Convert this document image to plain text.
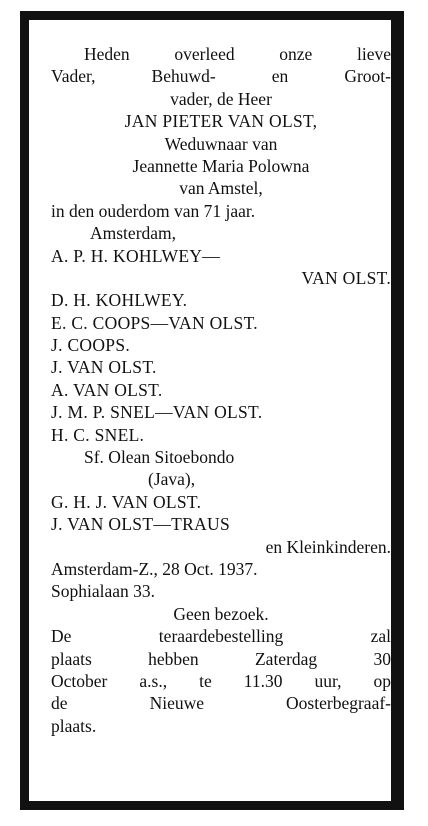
Heden overleed onze lieve
Vader, Behuwd- en Groot-
vader, de Heer
JAN PIETER VAN OLST,
Weduwnaar van
Jeannette Maria Polowna
van Amstel,
in den ouderdom van 71 jaar.
Amsterdam,
A. P. H. KOHLWEY—
VAN OLST.
D. H. KOHLWEY.
E. C. COOPS—VAN OLST.
J. COOPS.
J. VAN OLST.
A. VAN OLST.
J. M. P. SNEL—VAN OLST.
H. C. SNEL.
Sf. Olean Sitoebondo
(Java),
G. H. J. VAN OLST.
J. VAN OLST—TRAUS
en Kleinkinderen.
Amsterdam-Z., 28 Oct. 1937.
Sophialaan 33.
Geen bezoek.
De teraardebestelling zal
plaats hebben Zaterdag 30
October a.s., te 11.30 uur, op
de Nieuwe Oosterbegraaf-
plaats.
